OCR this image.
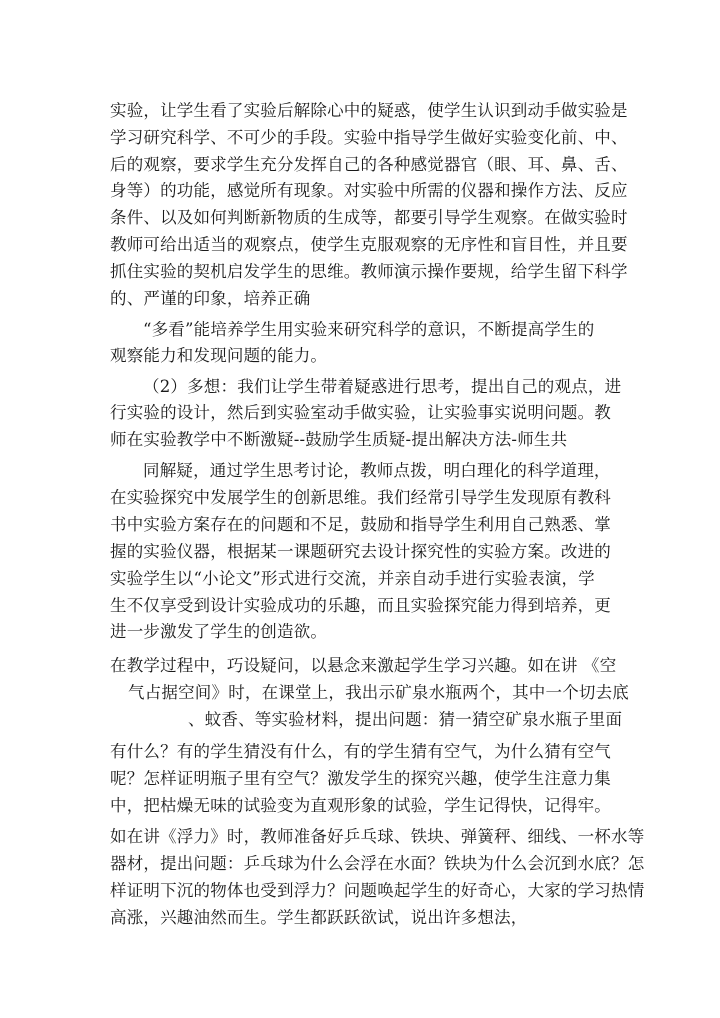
实验，让学生看了实验后解除心中的疑惑，使学生认识到动手做实验是
学习研究科学、不可少的手段。实验中指导学生做好实验变化前、中、
后的观察，要求学生充分发挥自己的各种感觉器官（眼、耳、鼻、舌、
身等）的功能，感觉所有现象。对实验中所需的仪器和操作方法、反应
条件、以及如何判断新物质的生成等，都要引导学生观察。在做实验时
教师可给出适当的观察点，使学生克服观察的无序性和盲目性，并且要
抓住实验的契机启发学生的思维。教师演示操作要规，给学生留下科学
的、严谨的印象，培养正确
“多看”能培养学生用实验来研究科学的意识，不断提高学生的
观察能力和发现问题的能力。
（2）多想：我们让学生带着疑惑进行思考，提出自己的观点，进
行实验的设计，然后到实验室动手做实验，让实验事实说明问题。教
师在实验教学中不断激疑--鼓励学生质疑-提出解决方法-师生共
同解疑，通过学生思考讨论，教师点拨，明白理化的科学道理，
在实验探究中发展学生的创新思维。我们经常引导学生发现原有教科
书中实验方案存在的问题和不足，鼓励和指导学生利用自己熟悉、掌
握的实验仪器，根据某一课题研究去设计探究性的实验方案。改进的
实验学生以“小论文”形式进行交流，并亲自动手进行实验表演，学
生不仅享受到设计实验成功的乐趣，而且实验探究能力得到培养，更
进一步激发了学生的创造欲。
在教学过程中，巧设疑问，以悬念来激起学生学习兴趣。如在讲 《空
气占据空间》时，在课堂上，我出示矿泉水瓶两个，其中一个切去底
、蚊香、等实验材料，提出问题：猜一猜空矿泉水瓶子里面
有什么？有的学生猜没有什么，有的学生猜有空气，为什么猜有空气
呢？怎样证明瓶子里有空气？激发学生的探究兴趣，使学生注意力集
中，把枯燥无味的试验变为直观形象的试验，学生记得快，记得牢。
如在讲《浮力》时，教师准备好乒乓球、铁块、弹簧秤、细线、一杯水等
器材，提出问题：乒乓球为什么会浮在水面？铁块为什么会沉到水底？怎
样证明下沉的物体也受到浮力？问题唤起学生的好奇心，大家的学习热情
高涨，兴趣油然而生。学生都跃跃欲试，说出许多想法，
